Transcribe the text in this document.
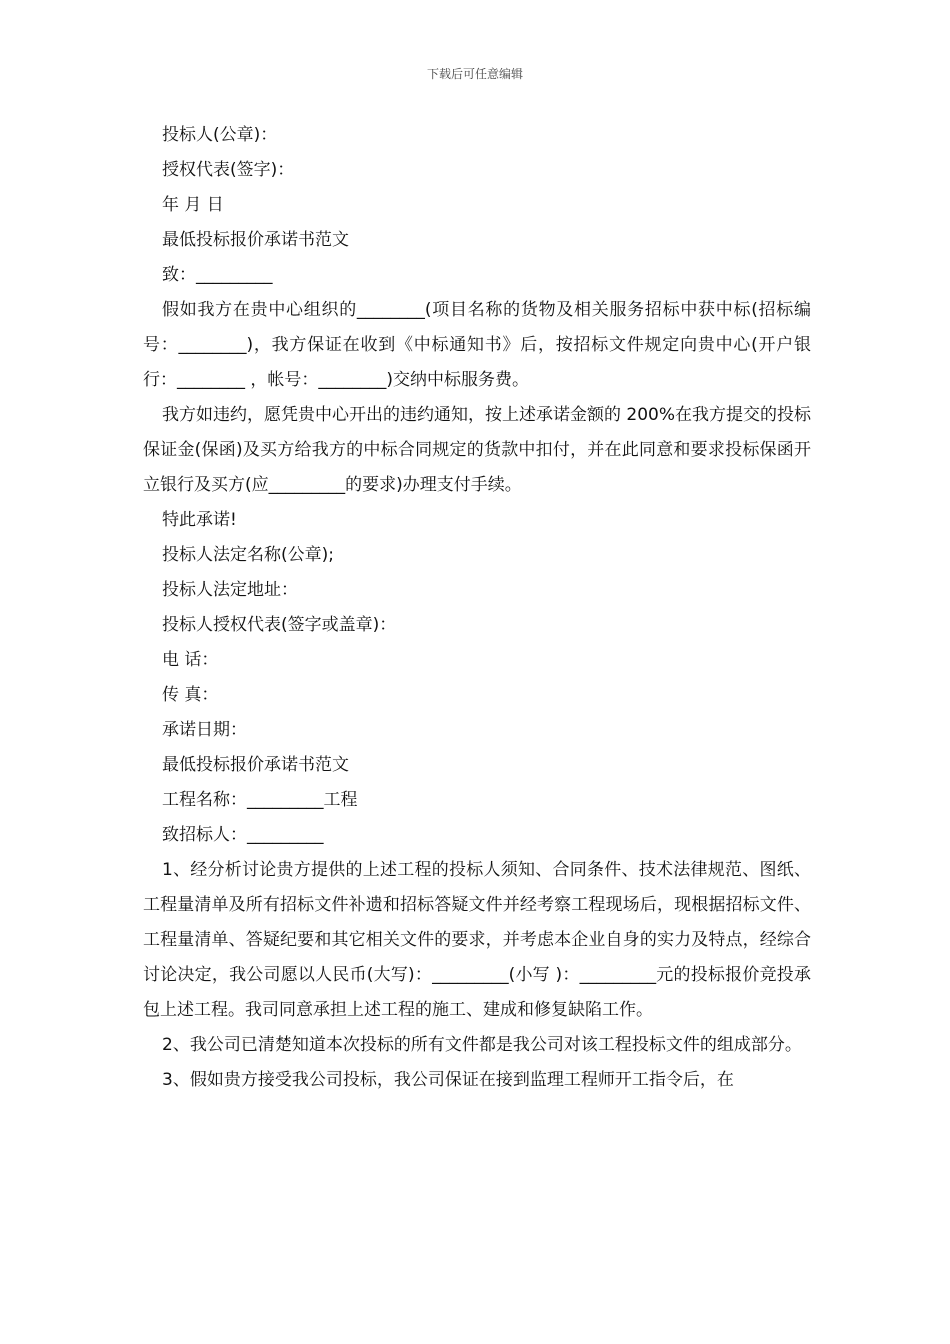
下载后可任意编辑

投标人(公章)：

授权代表(签字)：

年 月 日

最低投标报价承诺书范文

致：_________

假如我方在贵中心组织的________(项目名称的货物及相关服务招标中获中标(招标编号：________)，我方保证在收到《中标通知书》后，按招标文件规定向贵中心(开户银行：________ ，帐号：________)交纳中标服务费。

我方如违约，愿凭贵中心开出的违约通知，按上述承诺金额的 200%在我方提交的投标保证金(保函)及买方给我方的中标合同规定的货款中扣付，并在此同意和要求投标保函开立银行及买方(应_________的要求)办理支付手续。

特此承诺!

投标人法定名称(公章);

投标人法定地址：

投标人授权代表(签字或盖章)：

电 话：

传 真：

承诺日期：

最低投标报价承诺书范文

工程名称：_________工程

致招标人：_________

1、经分析讨论贵方提供的上述工程的投标人须知、合同条件、技术法律规范、图纸、工程量清单及所有招标文件补遗和招标答疑文件并经考察工程现场后，现根据招标文件、工程量清单、答疑纪要和其它相关文件的要求，并考虑本企业自身的实力及特点，经综合讨论决定，我公司愿以人民币(大写)：_________(小写 )：_________元的投标报价竞投承包上述工程。我司同意承担上述工程的施工、建成和修复缺陷工作。

2、我公司已清楚知道本次投标的所有文件都是我公司对该工程投标文件的组成部分。

3、假如贵方接受我公司投标，我公司保证在接到监理工程师开工指令后，在
